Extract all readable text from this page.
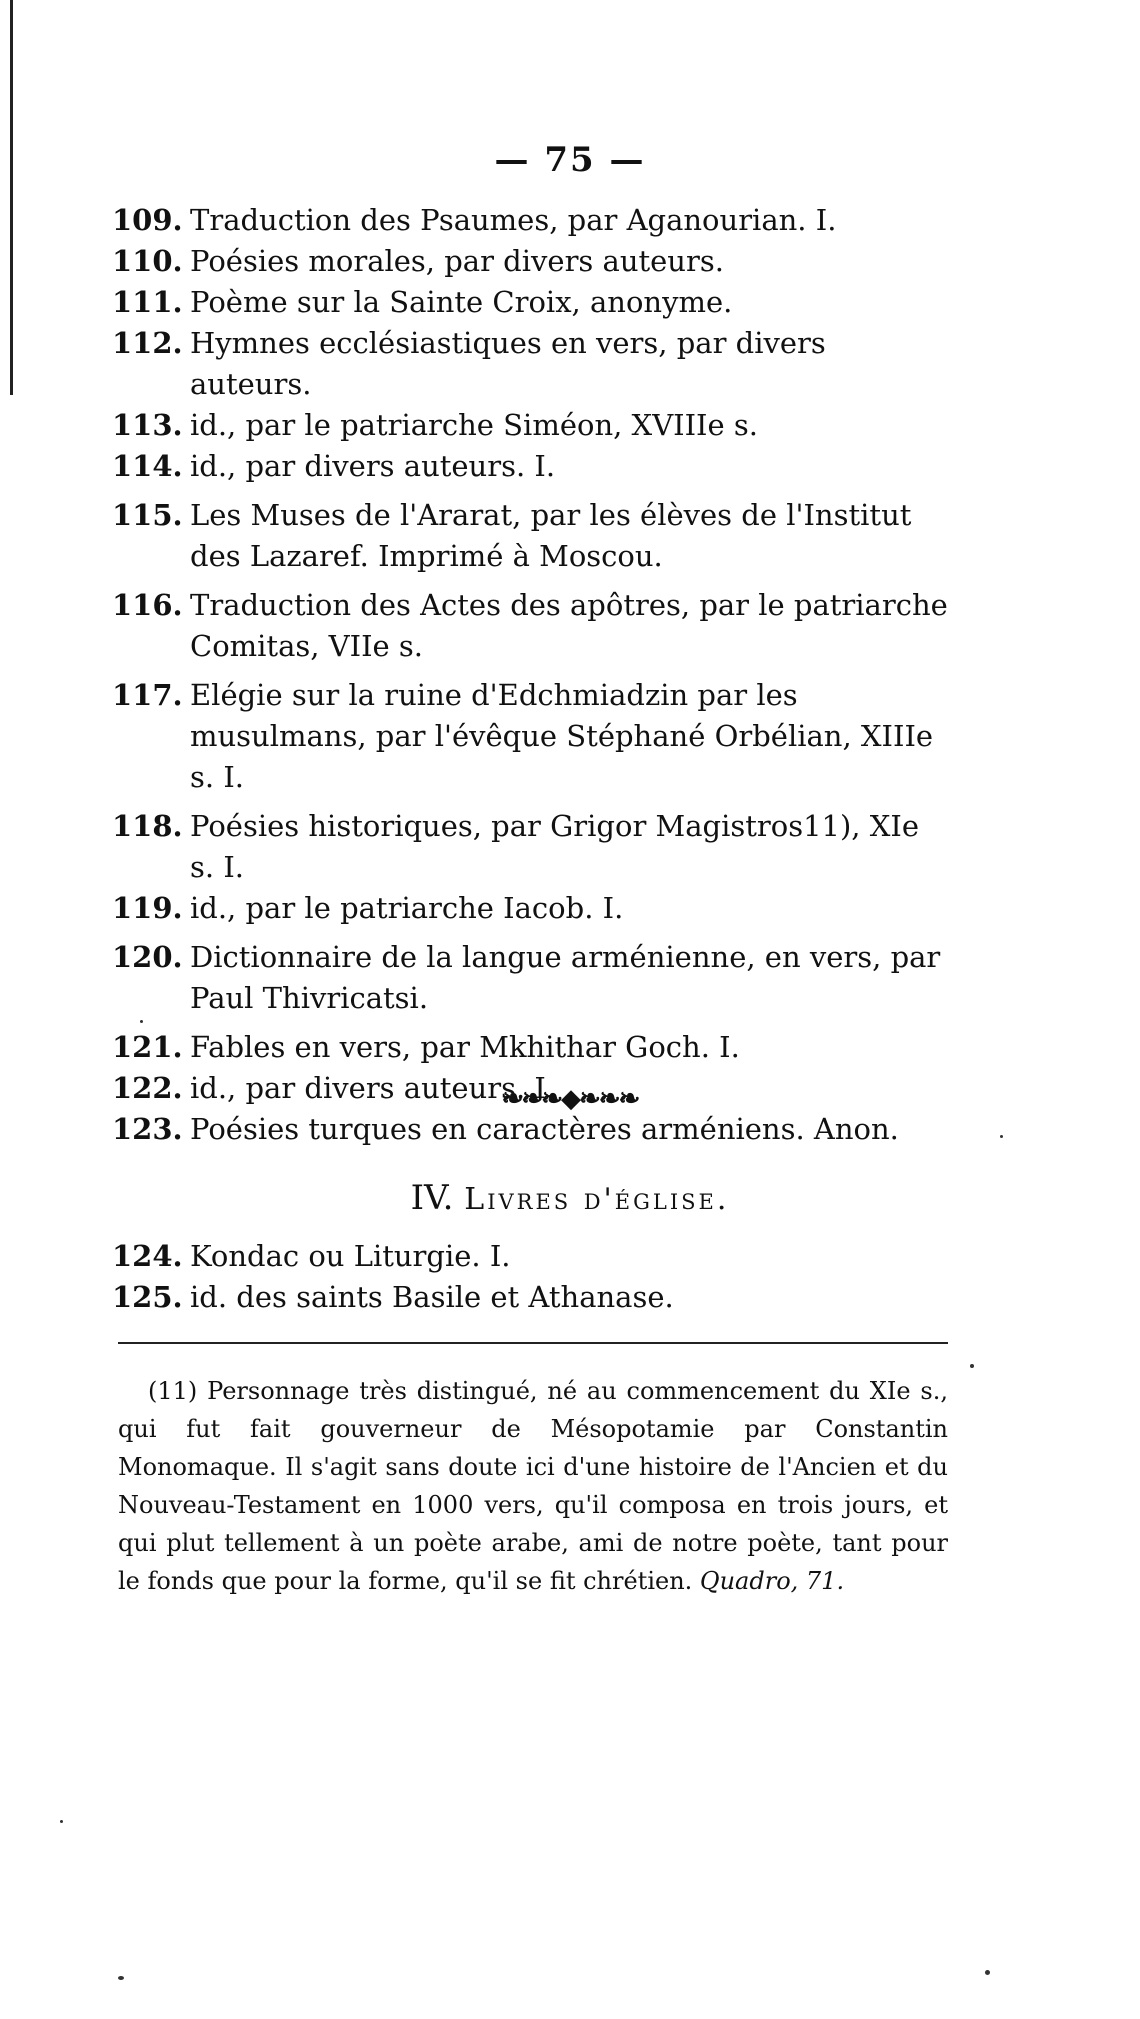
— 75 —
109. Traduction des Psaumes, par Aganourian. I.
110. Poésies morales, par divers auteurs.
111. Poème sur la Sainte Croix, anonyme.
112. Hymnes ecclésiastiques en vers, par divers auteurs.
113. id., par le patriarche Siméon, XVIIIe s.
114. id., par divers auteurs. I.
115. Les Muses de l'Ararat, par les élèves de l'Institut des Lazaref. Imprimé à Moscou.
116. Traduction des Actes des apôtres, par le patriarche Comitas, VIIe s.
117. Elégie sur la ruine d'Edchmiadzin par les musulmans, par l'évêque Stéphané Orbélian, XIIIe s. I.
118. Poésies historiques, par Grigor Magistros11), XIe s. I.
119. id., par le patriarche Iacob. I.
120. Dictionnaire de la langue arménienne, en vers, par Paul Thivricatsi.
121. Fables en vers, par Mkhithar Goch. I.
122. id., par divers auteurs. I.
123. Poésies turques en caractères arméniens. Anon.
❧❧❧◆❧❧❧
IV. Livres d'église.
124. Kondac ou Liturgie. I.
125. id. des saints Basile et Athanase.

(11) Personnage très distingué, né au commencement du XIe s., qui fut fait gouverneur de Mésopotamie par Constantin Monomaque. Il s'agit sans doute ici d'une histoire de l'Ancien et du Nouveau-Testament en 1000 vers, qu'il composa en trois jours, et qui plut tellement à un poète arabe, ami de notre poète, tant pour le fonds que pour la forme, qu'il se fit chrétien. Quadro, 71.
